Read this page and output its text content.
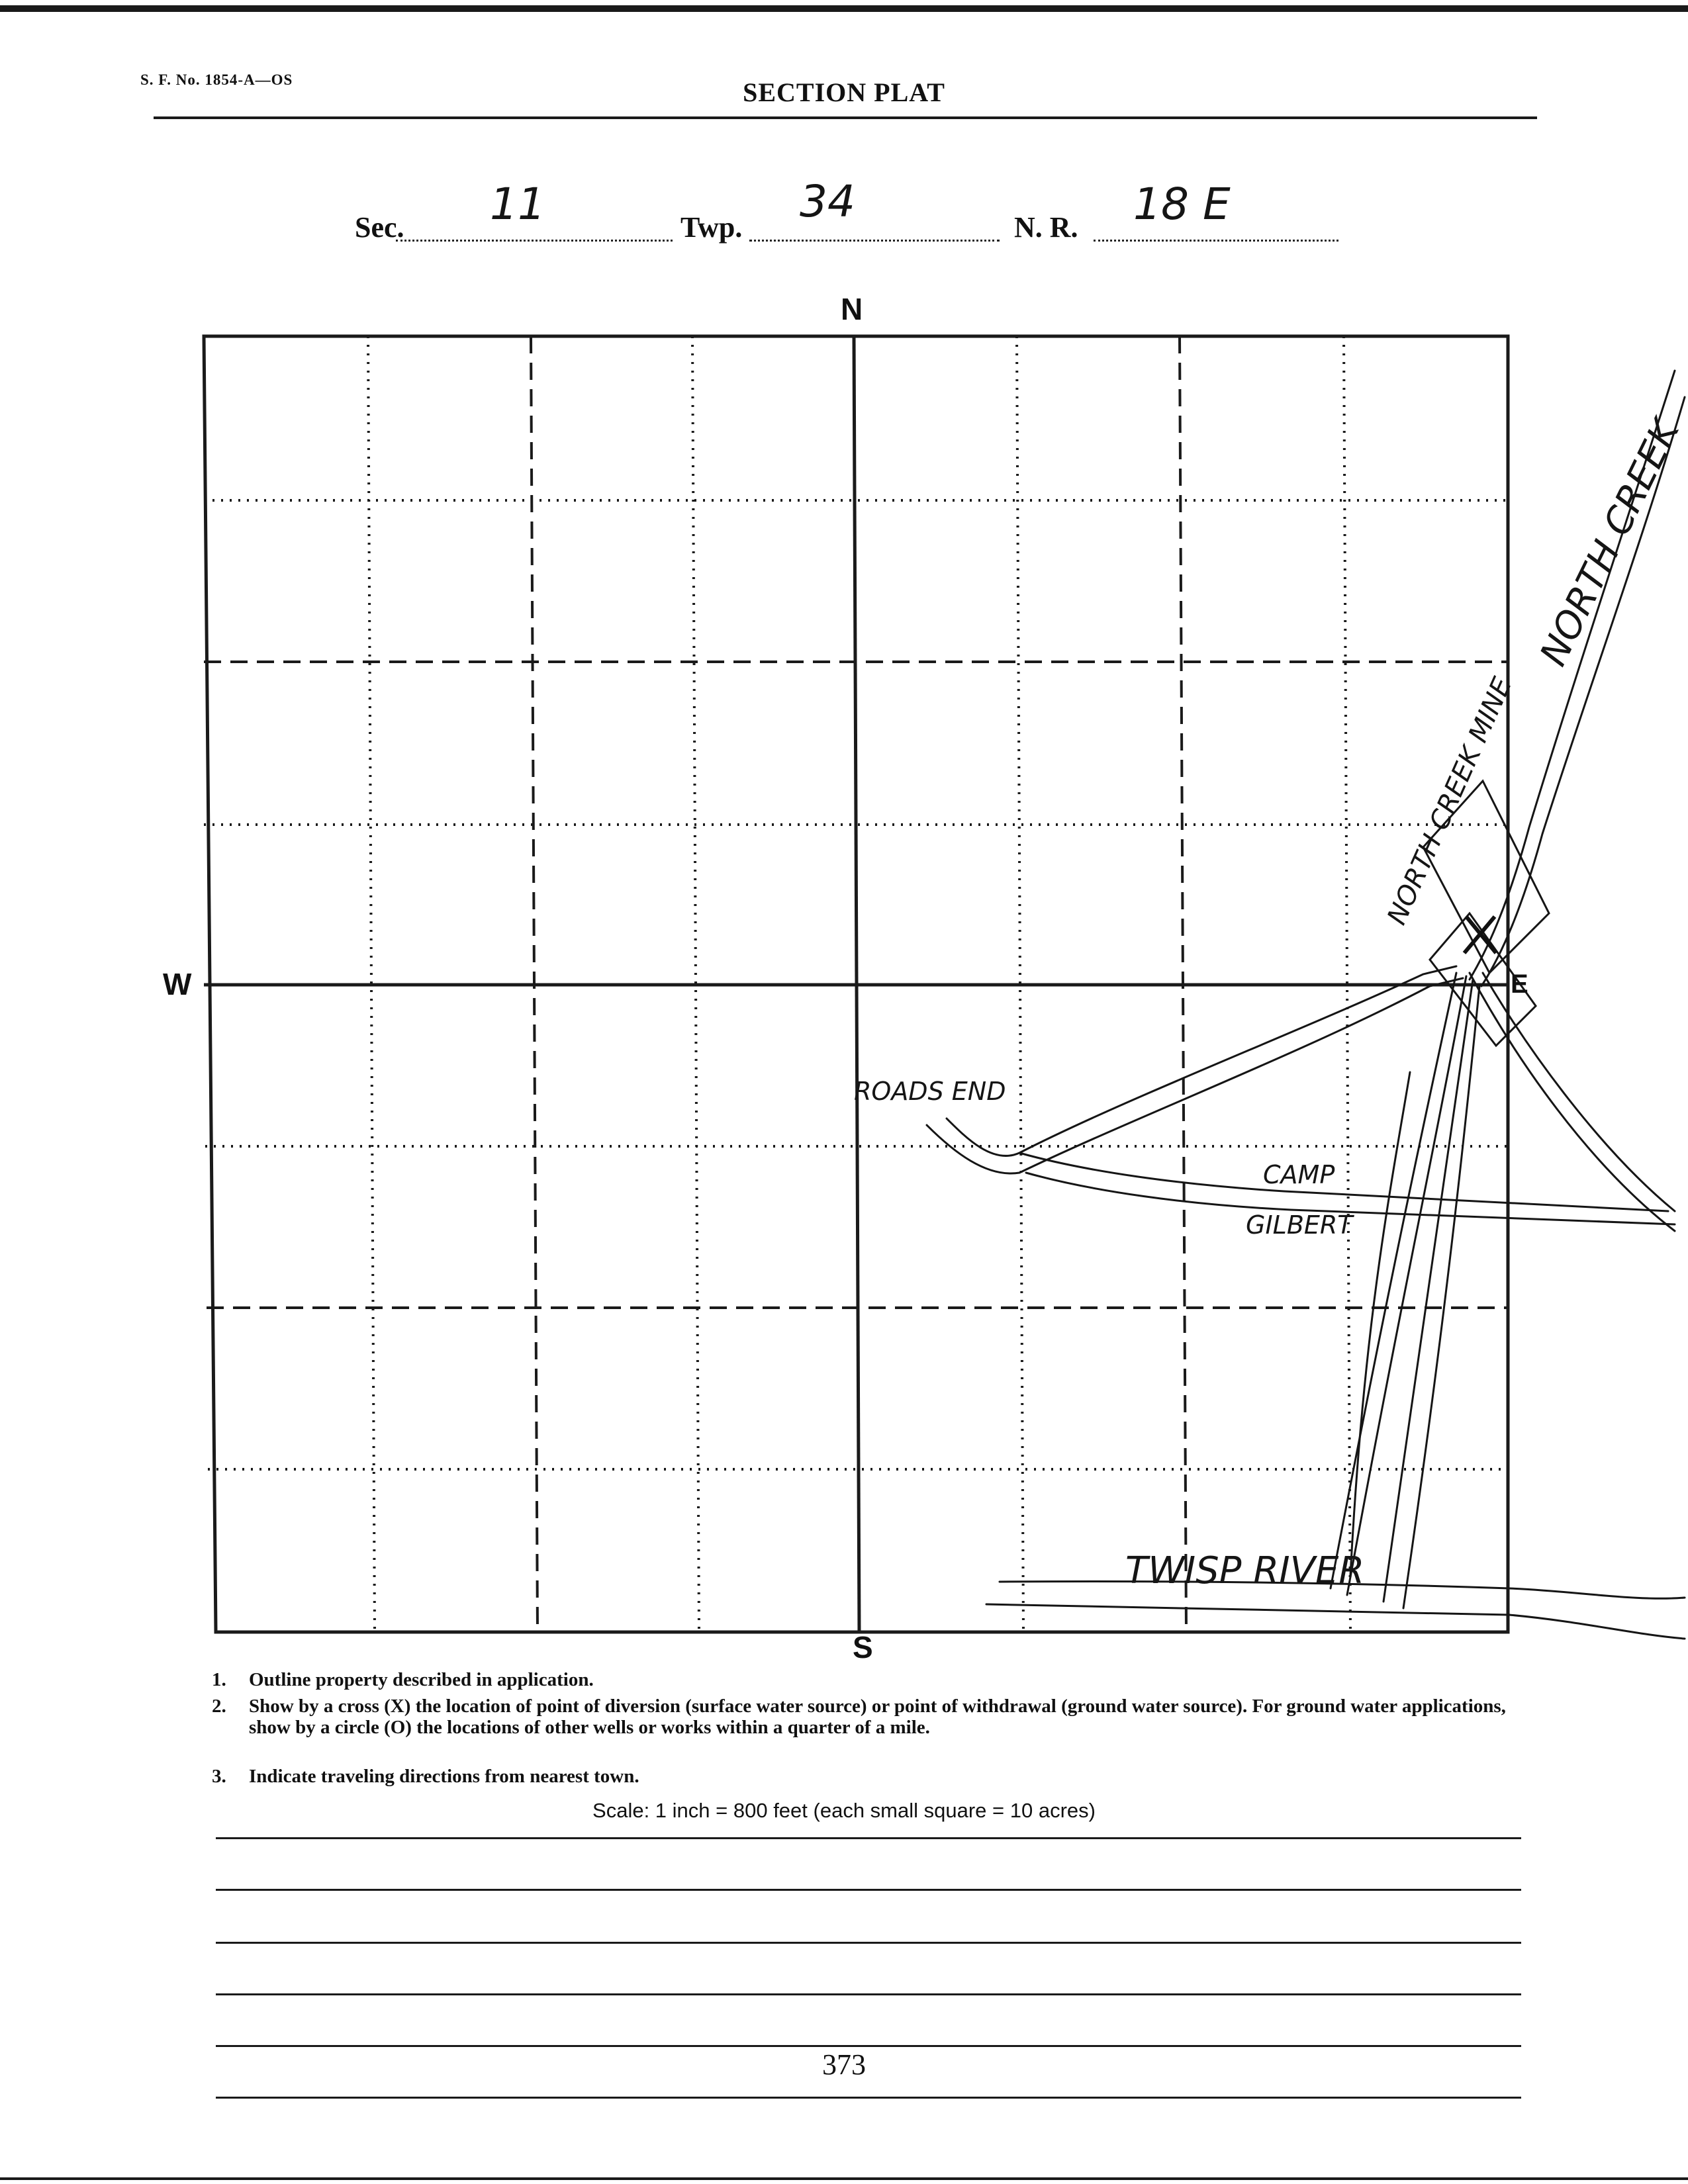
S. F. No. 1854-A—OS	SECTION PLAT
Sec. 11	Twp.
34
N. R. 18 E
N
S
W
NORTH CREEK
NORTH CREEK MINE
ROADS END
CAMP
GILBERT
TWISP RIVER
E
1. Outline property described in application.
2.	Show by a cross (X) the location of point of diversion (surface water source) or point of withdrawal (ground water source). For ground water applications, show by a circle (O) the locations of other wells or works within a quarter of a mile.
3. Indicate traveling directions from nearest town.
Scale: 1 inch = 800 feet (each small square = 10 acres)
373
